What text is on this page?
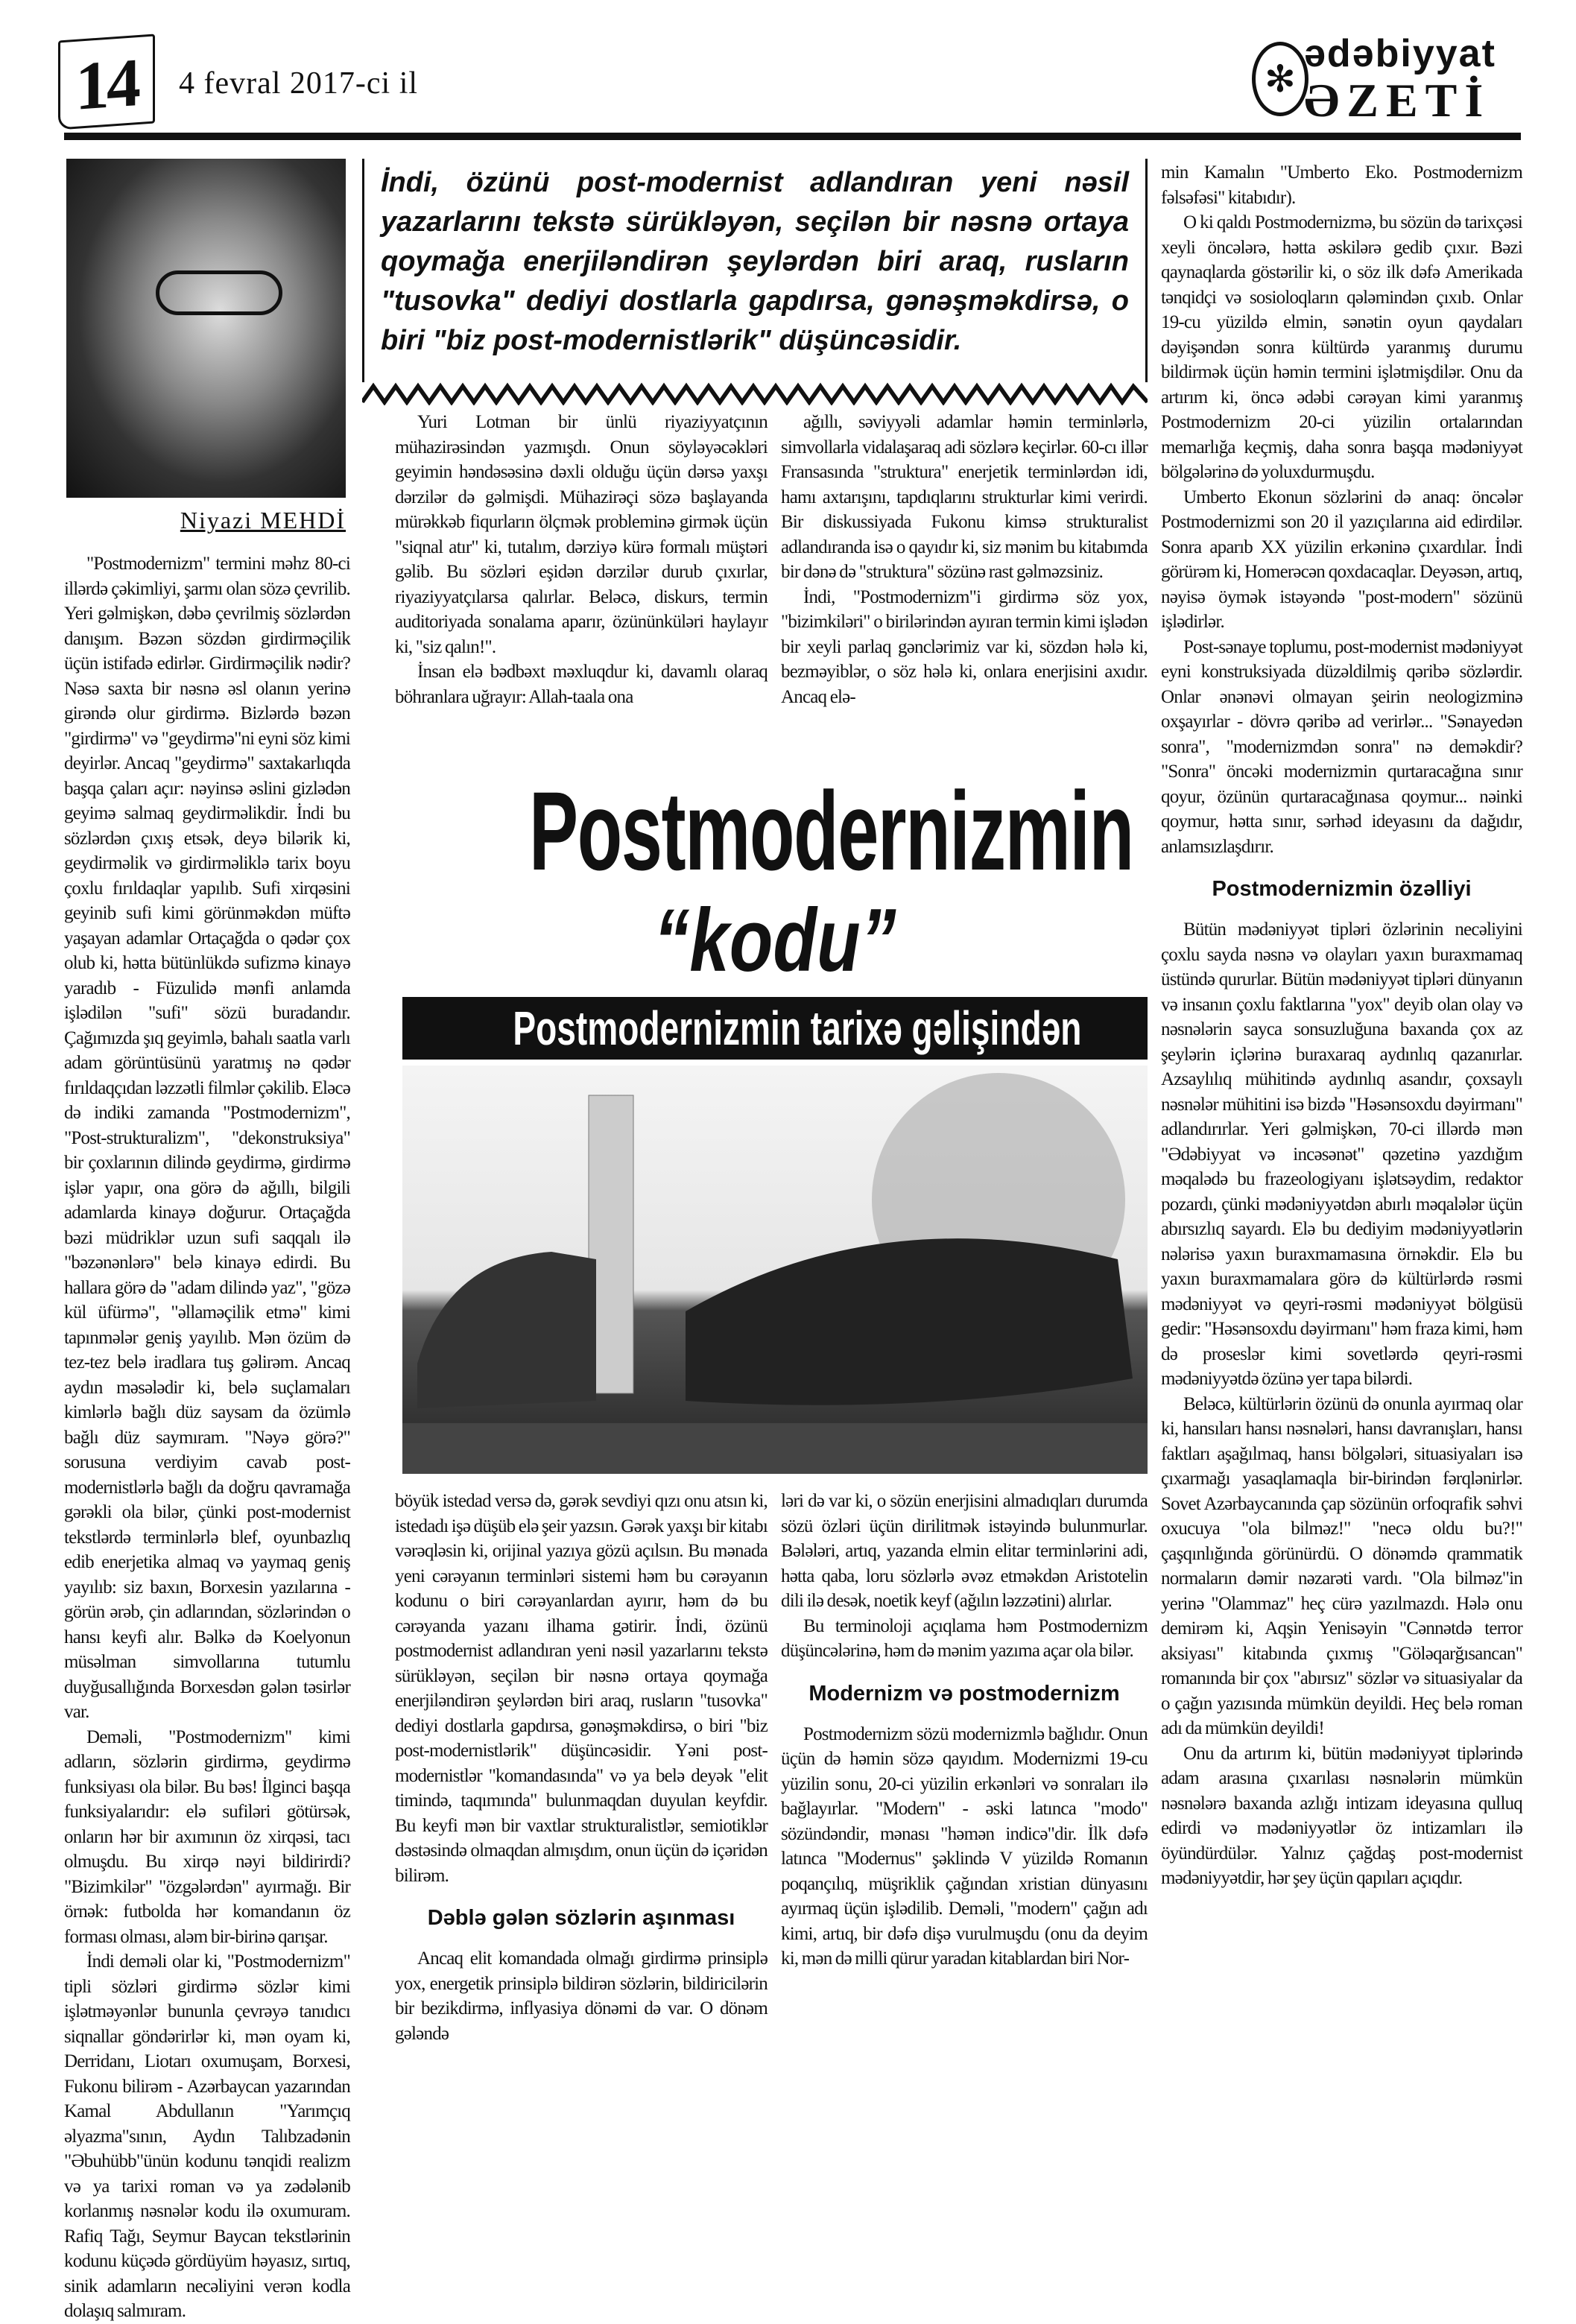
14	4 fevral 2017-ci il	✻
ədəbiyyat
ƏZETİ
Niyazi MEHDİ
İndi, özünü post-modernist adlandıran yeni nəsil yazarlarını tekstə sürükləyən, seçilən bir nəsnə ortaya qoymağa enerjiləndirən şeylərdən biri araq, rusların "tusovka" dediyi dostlarla gapdırsa, gənəşməkdirsə, o biri "biz post-modernistlərik" düşüncəsidir.

"Postmodernizm" termini məhz 80-ci illərdə çəkimliyi, şarmı olan sözə çevrilib. Yeri gəlmişkən, dəbə çevrilmiş sözlərdən danışım. Bəzən sözdən girdirməçilik üçün istifadə edirlər. Girdirməçilik nədir? Nəsə saxta bir nəsnə əsl olanın yerinə girəndə olur girdirmə. Bizlərdə bəzən "girdirmə" və "geydirmə"ni eyni söz kimi deyirlər. Ancaq "geydirmə" saxtakarlıqda başqa çaları açır: nəyinsə əslini gizlədən geyimə salmaq geydirməlikdir. İndi bu sözlərdən çıxış etsək, deyə bilərik ki, geydirməlik və girdirməliklə tarix boyu çoxlu fırıldaqlar yapılıb. Sufi xirqəsini geyinib sufi kimi görünməkdən müftə yaşayan adamlar Ortaçağda o qədər çox olub ki, hətta bütünlükdə sufizmə kinayə yaradıb - Füzulidə mənfi anlamda işlədilən "sufi" sözü buradandır. Çağımızda şıq geyimlə, bahalı saatla varlı adam görüntüsünü yaratmış nə qədər fırıldaqçıdan ləzzətli filmlər çəkilib. Eləcə də indiki zamanda "Postmodernizm", "Post-strukturalizm", "dekonstruksiya" bir çoxlarının dilində geydirmə, girdirmə işlər yapır, ona görə də ağıllı, bilgili adamlarda kinayə doğurur. Ortaçağda bəzi müdriklər uzun sufi saqqalı ilə "bəzənənlərə" belə kinayə edirdi. Bu hallara görə də "adam dilində yaz", "gözə kül üfürmə", "əllaməçilik etmə" kimi tapınmələr geniş yayılıb. Mən özüm də tez-tez belə iradlara tuş gəlirəm. Ancaq aydın məsələdir ki, belə suçlamaları kimlərlə bağlı düz saysam da özümlə bağlı düz saymıram. "Nəyə görə?" sorusuna verdiyim cavab post-modernistlərlə bağlı da doğru qavramağa gərəkli ola bilər, çünki post-modernist tekstlərdə terminlərlə blef, oyunbazlıq edib enerjetika almaq və yaymaq geniş yayılıb: siz baxın, Borxesin yazılarına - görün ərəb, çin adlarından, sözlərindən o hansı keyfi alır. Bəlkə də Koelyonun müsəlman simvollarına tutumlu duyğusallığında Borxesdən gələn təsirlər var.

Deməli, "Postmodernizm" kimi adların, sözlərin girdirmə, geydirmə funksiyası ola bilər. Bu bəs! İlginci başqa funksiyalarıdır: elə sufiləri götürsək, onların hər bir axımının öz xirqəsi, tacı olmuşdu. Bu xirqə nəyi bildirirdi? "Bizimkilər" "özgələrdən" ayırmağı. Bir örnək: futbolda hər komandanın öz forması olması, aləm bir-birinə qarışar.

İndi deməli olar ki, "Postmodernizm" tipli sözləri girdirmə sözlər kimi işlətməyənlər bununla çevrəyə tanıdıcı siqnallar göndərirlər ki, mən oyam ki, Derridanı, Liotarı oxumuşam, Borxesi, Fukonu bilirəm - Azərbaycan yazarından Kamal Abdullanın "Yarımçıq əlyazma"sının, Aydın Talıbzadənin "Əbuhübb"ünün kodunu tənqidi realizm və ya tarixi roman və ya zədələnib korlanmış nəsnələr kodu ilə oxumuram. Rafiq Tağı, Seymur Baycan tekstlərinin kodunu küçədə gördüyüm həyasız, sırtıq, sinik adamların necəliyini verən kodla dolaşıq salmıram.

Yuri Lotman bir ünlü riyaziyyatçının mühazirəsindən yazmışdı. Onun söyləyəcəkləri geyimin həndəsəsinə dəxli olduğu üçün dərsə yaxşı dərzilər də gəlmişdi. Mühazirəçi sözə başlayanda mürəkkəb fiqurların ölçmək probleminə girmək üçün "siqnal atır" ki, tutalım, dərziyə kürə formalı müştəri gəlib. Bu sözləri eşidən dərzilər durub çıxırlar, riyaziyyatçılarsa qalırlar. Beləcə, diskurs, termin auditoriyada sonalama aparır, özününküləri haylayır ki, "siz qalın!".

İnsan elə bədbəxt məxluqdur ki, davamlı olaraq böhranlara uğrayır: Allah-taala ona

ağıllı, səviyyəli adamlar həmin terminlərlə, simvollarla vidalaşaraq adi sözlərə keçirlər. 60-cı illər Fransasında "struktura" enerjetik terminlərdən idi, hamı axtarışını, tapdıqlarını strukturlar kimi verirdi. Bir diskussiyada Fukonu kimsə strukturalist adlandıranda isə o qayıdır ki, siz mənim bu kitabımda bir dənə də "struktura" sözünə rast gəlməzsiniz.

İndi, "Postmodernizm"i girdirmə söz yox, "bizimkiləri" o birilərindən ayıran termin kimi işlədən bir xeyli parlaq gənclərimiz var ki, sözdən hələ ki, bezməyiblər, o söz hələ ki, onlara enerjisini axıdır. Ancaq elə-

Postmodernizmin
“kodu”
Postmodernizmin tarixə gəlişindən

böyük istedad versə də, gərək sevdiyi qızı onu atsın ki, istedadı işə düşüb elə şeir yazsın. Gərək yaxşı bir kitabı vərəqləsin ki, orijinal yazıya gözü açılsın. Bu mənada yeni cərəyanın terminləri sistemi həm bu cərəyanın kodunu o biri cərəyanlardan ayırır, həm də bu cərəyanda yazanı ilhama gətirir. İndi, özünü postmodernist adlandıran yeni nəsil yazarlarını tekstə sürükləyən, seçilən bir nəsnə ortaya qoymağa enerjiləndirən şeylərdən biri araq, rusların "tusovka" dediyi dostlarla gapdırsa, gənəşməkdirsə, o biri "biz post-modernistlərik" düşüncəsidir. Yəni post-modernistlər "komandasında" və ya belə deyək "elit timində, taqımında" bulunmaqdan duyulan keyfdir. Bu keyfi mən bir vaxtlar strukturalistlər, semiotiklər dəstəsində olmaqdan almışdım, onun üçün də içəridən bilirəm.

Dəblə gələn sözlərin aşınması

Ancaq elit komandada olmağı girdirmə prinsiplə yox, energetik prinsiplə bildirən sözlərin, bildiricilərin bir bezikdirmə, inflyasiya dönəmi də var. O dönəm gələndə

ləri də var ki, o sözün enerjisini almadıqları durumda sözü özləri üçün dirilitmək istəyində bulunmurlar. Bələləri, artıq, yazanda elmin elitar terminlərini adi, hətta qaba, loru sözlərlə əvəz etməkdən Aristotelin dili ilə desək, noetik keyf (ağılın ləzzətini) alırlar.

Bu terminoloji açıqlama həm Postmodernizm düşüncələrinə, həm də mənim yazıma açar ola bilər.

Modernizm və postmodernizm

Postmodernizm sözü modernizmlə bağlıdır. Onun üçün də həmin sözə qayıdım. Modernizmi 19-cu yüzilin sonu, 20-ci yüzilin erkənləri və sonraları ilə bağlayırlar. "Modern" - əski latınca "modo" sözündəndir, mənası "həmən indicə"dir. İlk dəfə latınca "Modernus" şəklində V yüzildə Romanın poqançılıq, müşriklik çağından xristian dünyasını ayırmaq üçün işlədilib. Deməli, "modern" çağın adı kimi, artıq, bir dəfə dişə vurulmuşdu (onu da deyim ki, mən də milli qürur yaradan kitablardan biri Nor-

min Kamalın "Umberto Eko. Postmodernizm fəlsəfəsi" kitabıdır).

O ki qaldı Postmodernizmə, bu sözün də tarixçəsi xeyli öncələrə, hətta əskilərə gedib çıxır. Bəzi qaynaqlarda göstərilir ki, o söz ilk dəfə Amerikada tənqidçi və sosioloqların qələmindən çıxıb. Onlar 19-cu yüzildə elmin, sənətin oyun qaydaları dəyişəndən sonra kültürdə yaranmış durumu bildirmək üçün həmin termini işlətmişdilər. Onu da artırım ki, öncə ədəbi cərəyan kimi yaranmış Postmodernizm 20-ci yüzilin ortalarından memarlığa keçmiş, daha sonra başqa mədəniyyət bölgələrinə də yoluxdurmuşdu.

Umberto Ekonun sözlərini də anaq: öncələr Postmodernizmi son 20 il yazıçılarına aid edirdilər. Sonra aparıb XX yüzilin erkəninə çıxardılar. İndi görürəm ki, Homerəcən qoxdacaqlar. Deyəsən, artıq, nəyisə öymək istəyəndə "post-modern" sözünü işlədirlər.

Post-sənaye toplumu, post-modernist mədəniyyət eyni konstruksiyada düzəldilmiş qəribə sözlərdir. Onlar ənənəvi olmayan şeirin neologizminə oxşayırlar - dövrə qəribə ad verirlər... "Sənayedən sonra", "modernizmdən sonra" nə deməkdir? "Sonra" öncəki modernizmin qurtaracağına sınır qoyur, özünün qurtaracağınasa qoymur... nəinki qoymur, hətta sınır, sərhəd ideyasını da dağıdır, anlamsızlaşdırır.

Postmodernizmin özəlliyi

Bütün mədəniyyət tipləri özlərinin necəliyini çoxlu sayda nəsnə və olayları yaxın buraxmamaq üstündə qururlar. Bütün mədəniyyət tipləri dünyanın və insanın çoxlu faktlarına "yox" deyib olan olay və nəsnələrin sayca sonsuzluğuna baxanda çox az şeylərin içlərinə buraxaraq aydınlıq qazanırlar. Azsaylılıq mühitində aydınlıq asandır, çoxsaylı nəsnələr mühitini isə bizdə "Həsənsoxdu dəyirmanı" adlandırırlar. Yeri gəlmişkən, 70-ci illərdə mən "Ədəbiyyat və incəsənət" qəzetinə yazdığım məqalədə bu frazeologiyanı işlətsəydim, redaktor pozardı, çünki mədəniyyətdən abırlı məqalələr üçün abırsızlıq sayardı. Elə bu dediyim mədəniyyətlərin nələrisə yaxın buraxmamasına örnəkdir. Elə bu yaxın buraxmamalara görə də kültürlərdə rəsmi mədəniyyət və qeyri-rəsmi mədəniyyət bölgüsü gedir: "Həsənsoxdu dəyirmanı" həm fraza kimi, həm də proseslər kimi sovetlərdə qeyri-rəsmi mədəniyyətdə özünə yer tapa bilərdi.

Beləcə, kültürlərin özünü də onunla ayırmaq olar ki, hansıları hansı nəsnələri, hansı davranışları, hansı faktları aşağılmaq, hansı bölgələri, situasiyaları isə çıxarmağı yasaqlamaqla bir-birindən fərqlənirlər. Sovet Azərbaycanında çap sözünün orfoqrafik səhvi oxucuya "ola bilməz!" "necə oldu bu?!" çaşqınlığında görünürdü. O dönəmdə qrammatik normaların dəmir nəzarəti vardı. "Ola bilməz"in yerinə "Olammaz" heç cürə yazılmazdı. Hələ onu demirəm ki, Aqşin Yenisəyin "Cənnətdə terror aksiyası" kitabında çıxmış "Göləqarğısancan" romanında bir çox "abırsız" sözlər və situasiyalar da o çağın yazısında mümkün deyildi. Heç belə roman adı da mümkün deyildi!

Onu da artırım ki, bütün mədəniyyət tiplərində adam arasına çıxarılası nəsnələrin mümkün nəsnələrə baxanda azlığı intizam ideyasına qulluq edirdi və mədəniyyətlər öz intizamları ilə öyündürdülər. Yalnız çağdaş post-modernist mədəniyyətdir, hər şey üçün qapıları açıqdır.
